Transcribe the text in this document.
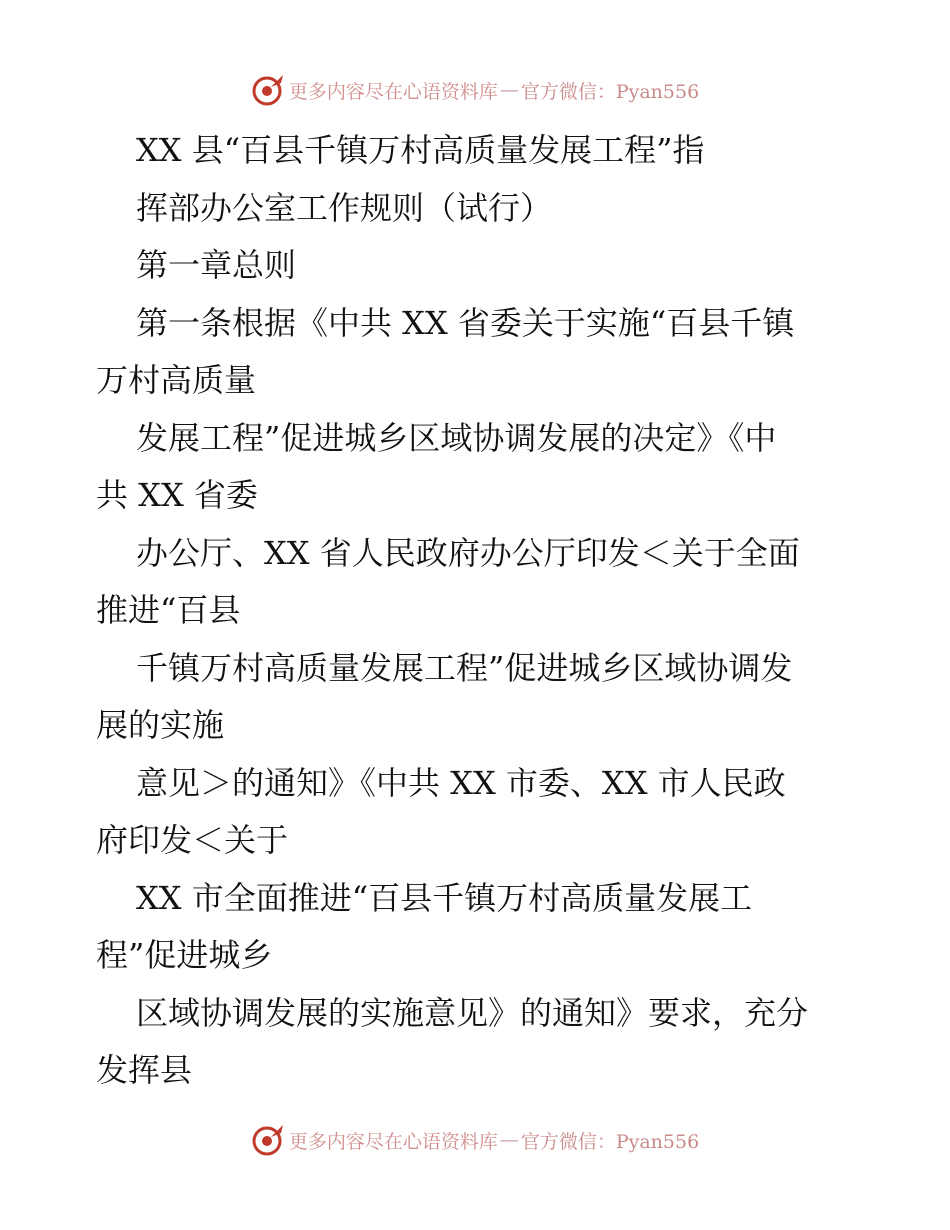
更多内容尽在心语资料库 — 官方微信：Pyan556
XX 县“百县千镇万村高质量发展工程”指
挥部办公室工作规则（试行）
第一章总则
第一条根据《中共 XX 省委关于实施“百县千镇
万村高质量
发展工程”促进城乡区域协调发展的决定》《中
共 XX 省委
办公厅、XX 省人民政府办公厅印发＜关于全面
推进“百县
千镇万村高质量发展工程”促进城乡区域协调发
展的实施
意见＞的通知》《中共 XX 市委、XX 市人民政
府印发＜关于
XX 市全面推进“百县千镇万村高质量发展工
程”促进城乡
区域协调发展的实施意见》的通知》要求，充分
发挥县
更多内容尽在心语资料库 — 官方微信：Pyan556
